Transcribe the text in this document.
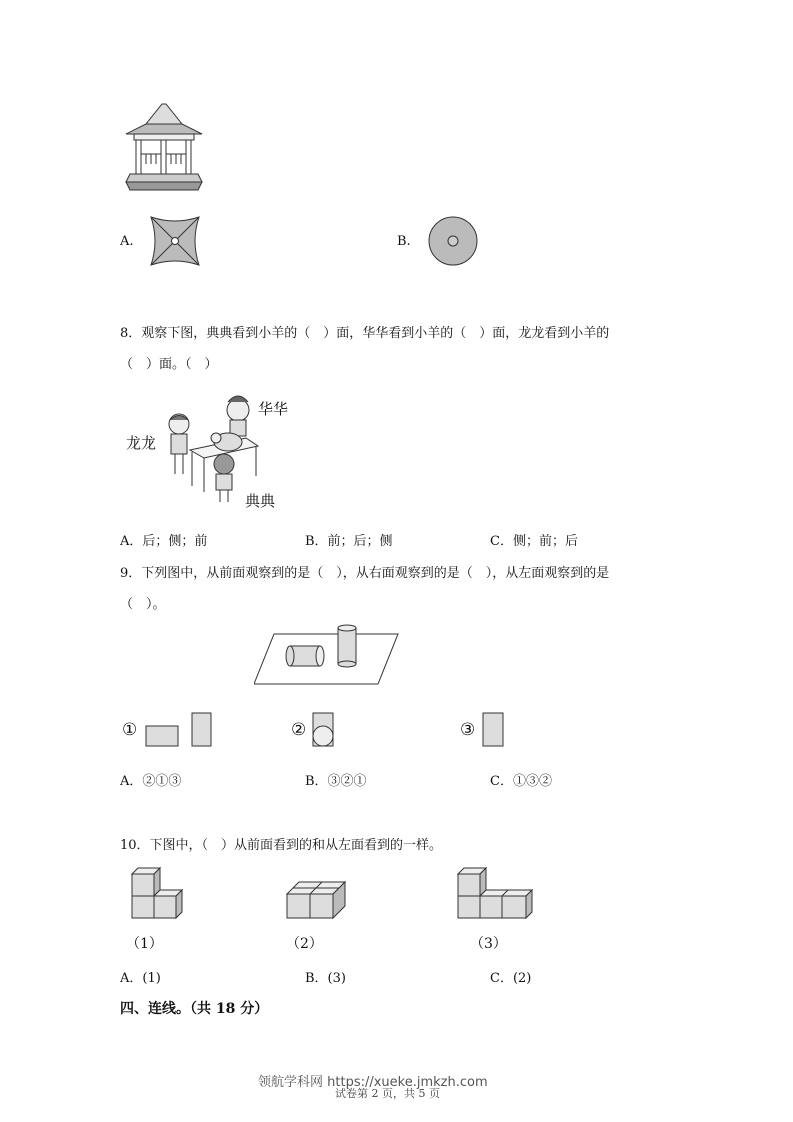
A.	B.
8．观察下图，典典看到小羊的（　）面，华华看到小羊的（　）面，龙龙看到小羊的
（　）面。（　）
华华
龙龙
典典
A．后；侧；前	B．前；后；侧	C．侧；前；后
9．下列图中，从前面观察到的是（　），从右面观察到的是（　），从左面观察到的是
（　）。
①	②	③
A．②①③	B．③②①	C．①③②
10．下图中，（　）从前面看到的和从左面看到的一样。
（1）	（2）	（3）
A．(1)	B．(3)	C．(2)
四、连线。（共 18 分）
领航学科网 https://xueke.jmkzh.com
试卷第 2 页，共 5 页
